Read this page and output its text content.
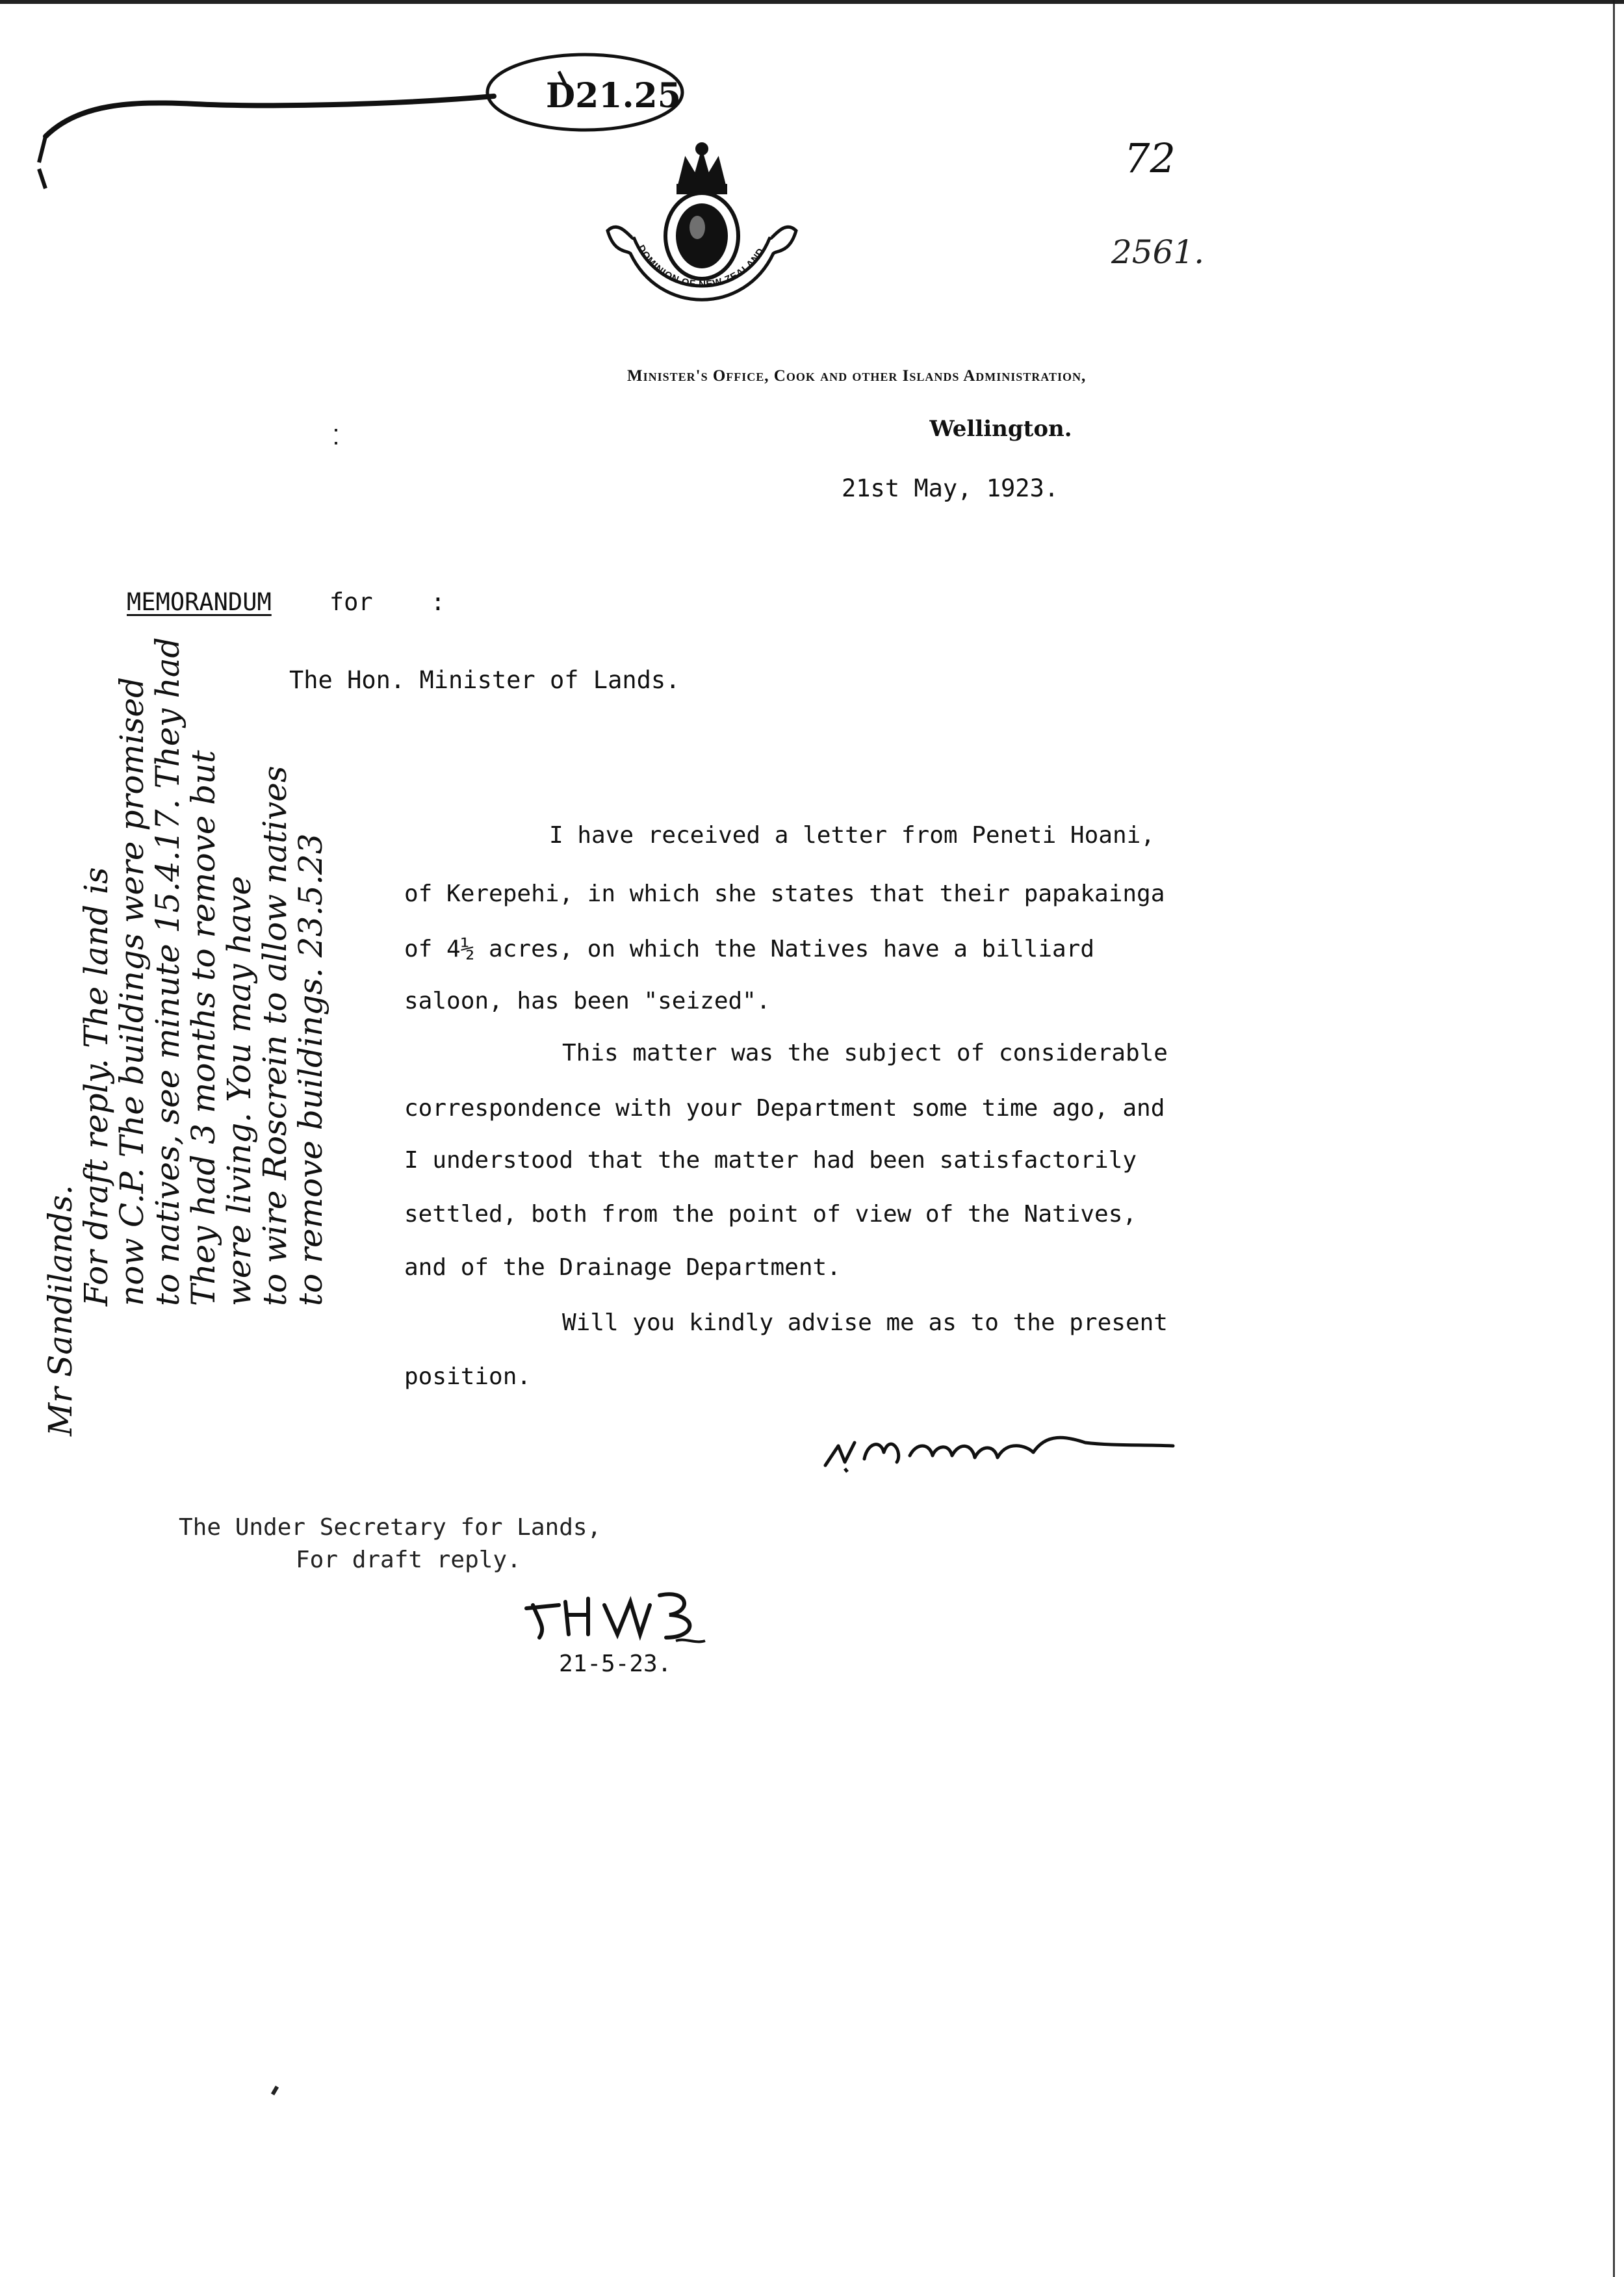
D21.25
72
2561.
DOMINION OF NEW ZEALAND
Minister's Office, Cook and other Islands Administration,
Wellington.
21st May, 1923.
MEMORANDUM for    :
The Hon. Minister of Lands.
I have received a letter from Peneti Hoani,
of Kerepehi, in which she states that their papakainga
of 4½ acres, on which the Natives have a billiard
saloon, has been "seized".
This matter was the subject of considerable
correspondence with your Department some time ago, and
I understood that the matter had been satisfactorily
settled, both from the point of view of the Natives,
and of the Drainage Department.
Will you kindly advise me as to the present
position.
Mr Sandilands. For draft reply. The land is now C.P. The buildings were promised to natives, see minute 15.4.17. They had They had 3 months to remove but were living. You may have to wire Roscrein to allow natives to remove buildings. 23.5.23
The Under Secretary for Lands,
For draft reply.
21-5-23.
